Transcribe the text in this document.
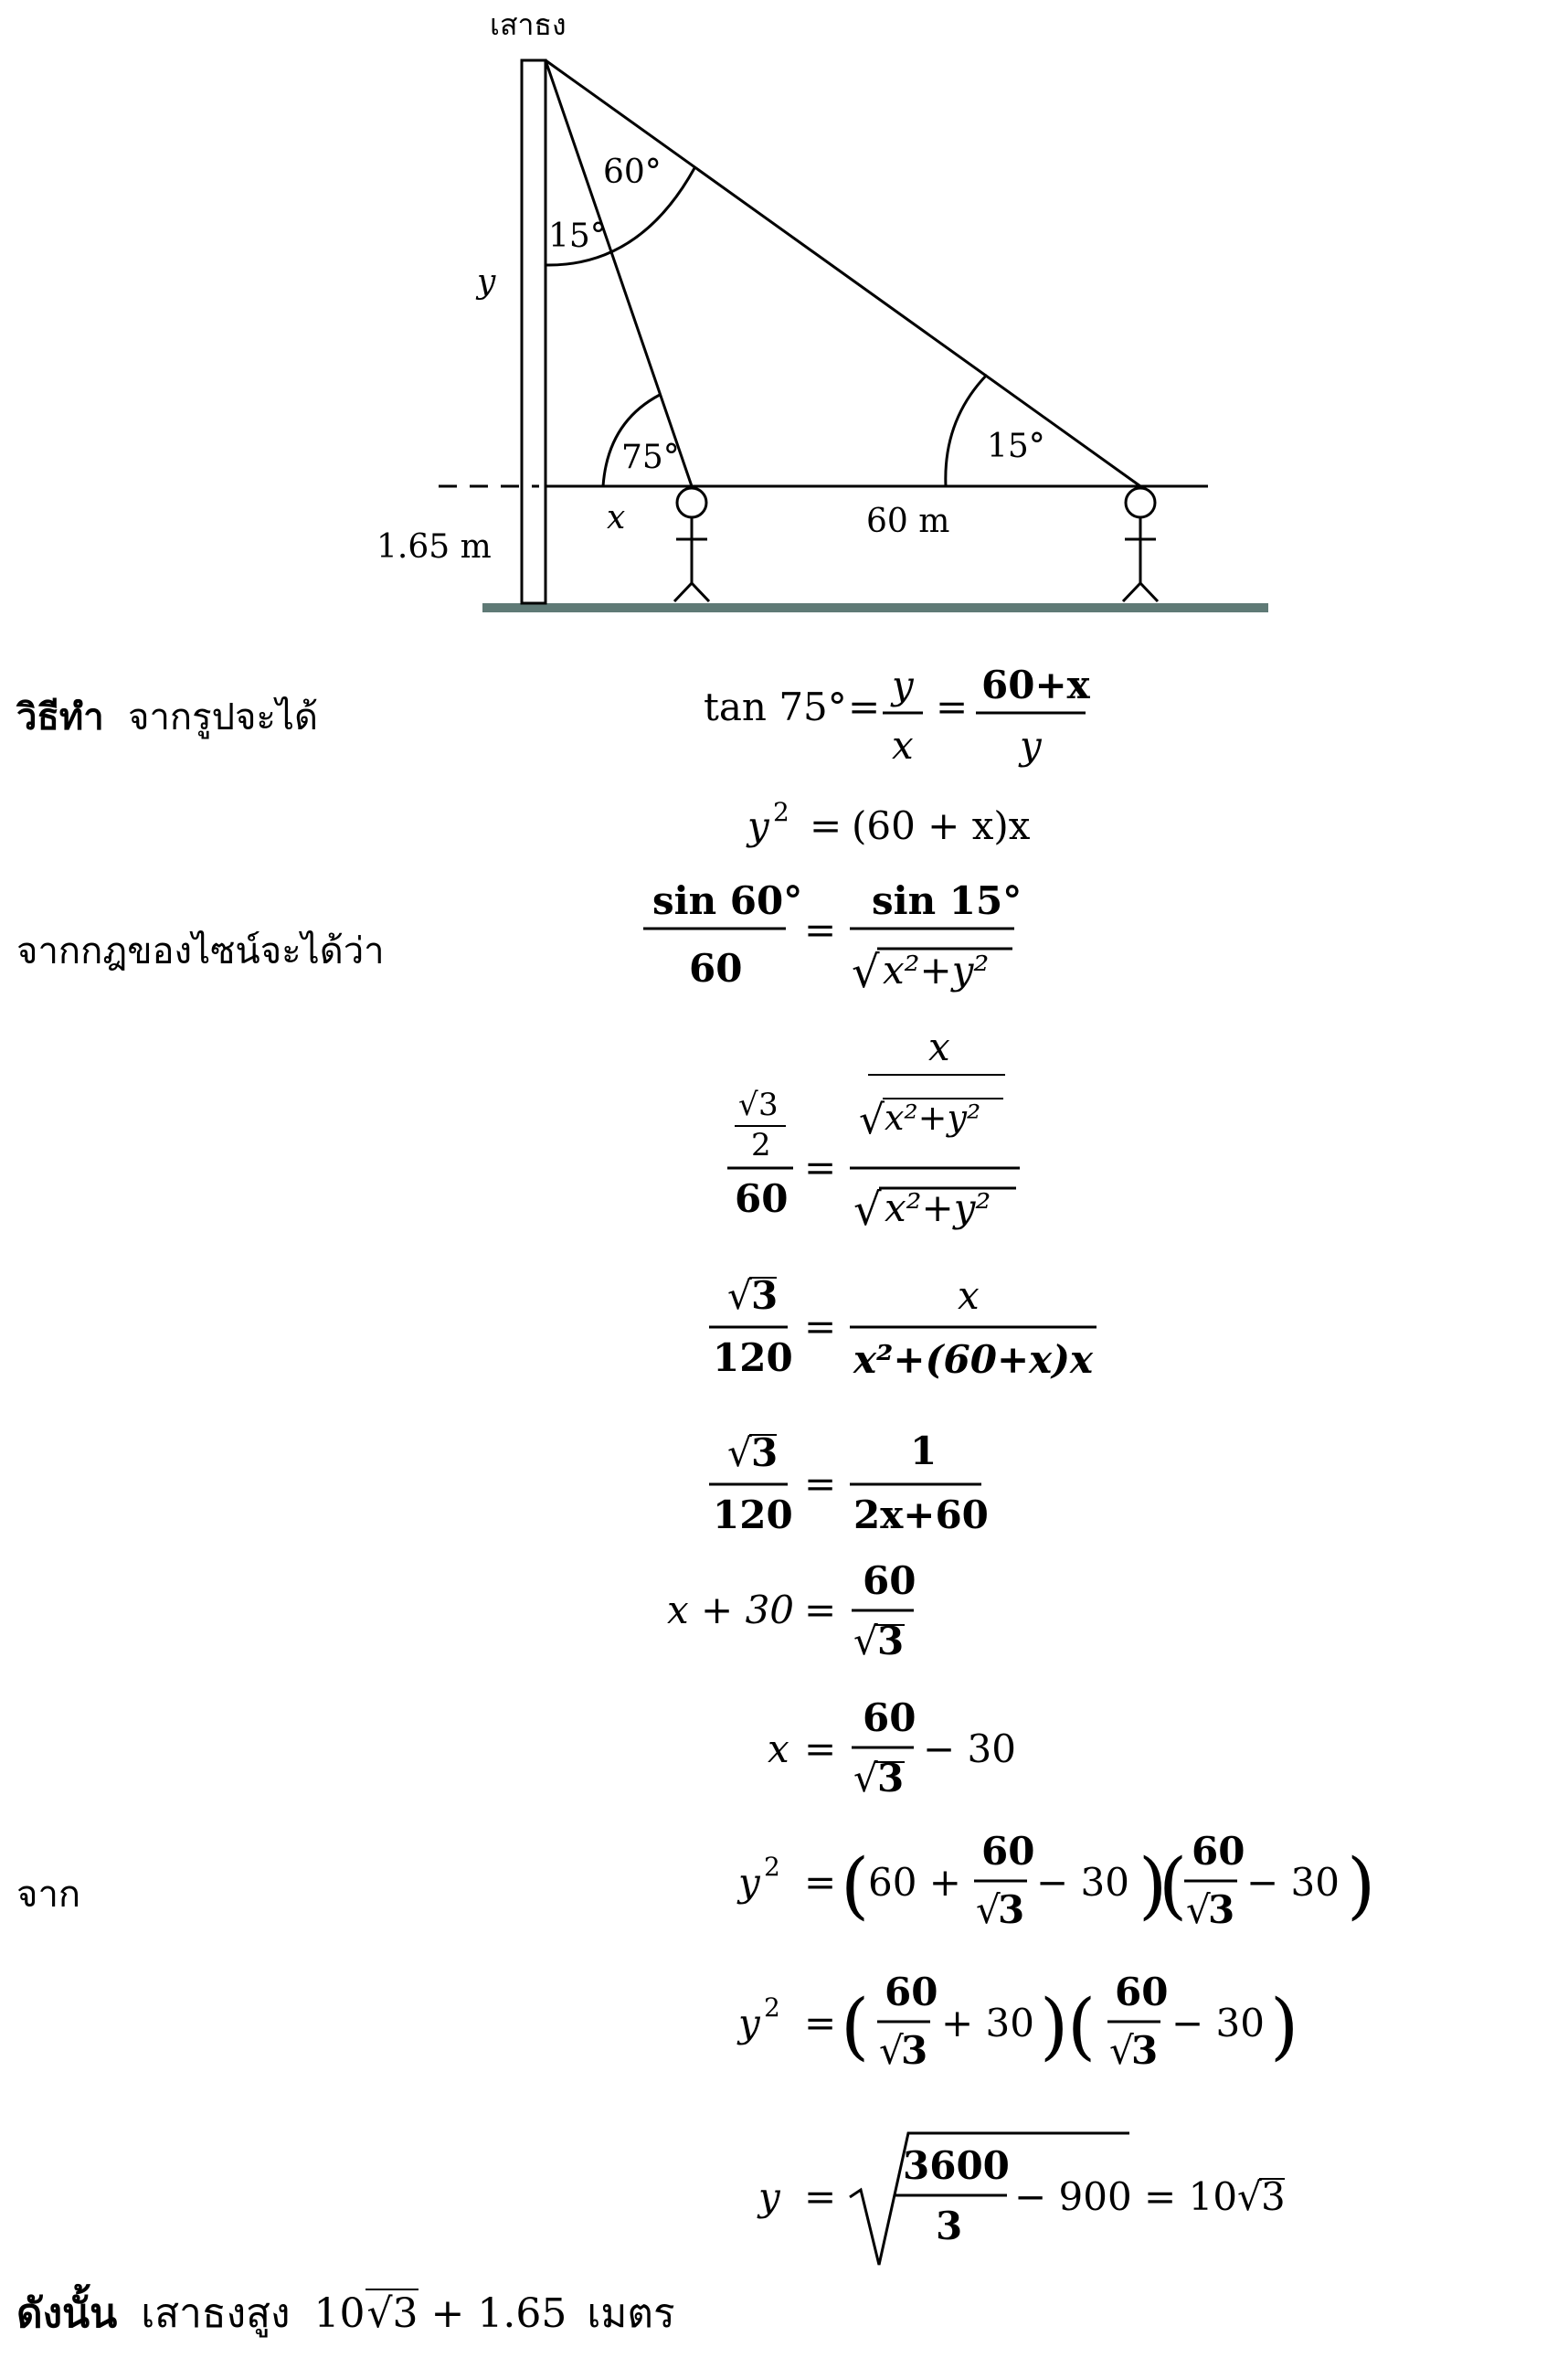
เสาธง
60°
15°
y
75°	15°
x	60 m
1.65 m
วิธีทำ จากรูปจะได้
จากกฎของไซน์จะได้ว่า
จาก
ดังนั้น เสาธงสูง 10√3 + 1.65 เมตร
tan 75° = y
x
= 60+x
y
y 2 = (60 + x)x
sin 60°
60
=
sin 15°
√ x²+y²
√ 3
2
60
=
x
√ x²+y²
√ x²+y²
√ 3
120
=
x
x²+(60+x)x
√ 3
120
=
1
2x+60
x + 30 =
60
√ 3
x =
60
√ 3
− 30
y 2 = (
60 +
60
√
3
− 30 )
( 60
√
3
− 30 )
y 2 = ( 60
√
3
+ 30 )
( 60
√
3
− 30 )
y =
3600
3
− 900 = 10 √ 3
